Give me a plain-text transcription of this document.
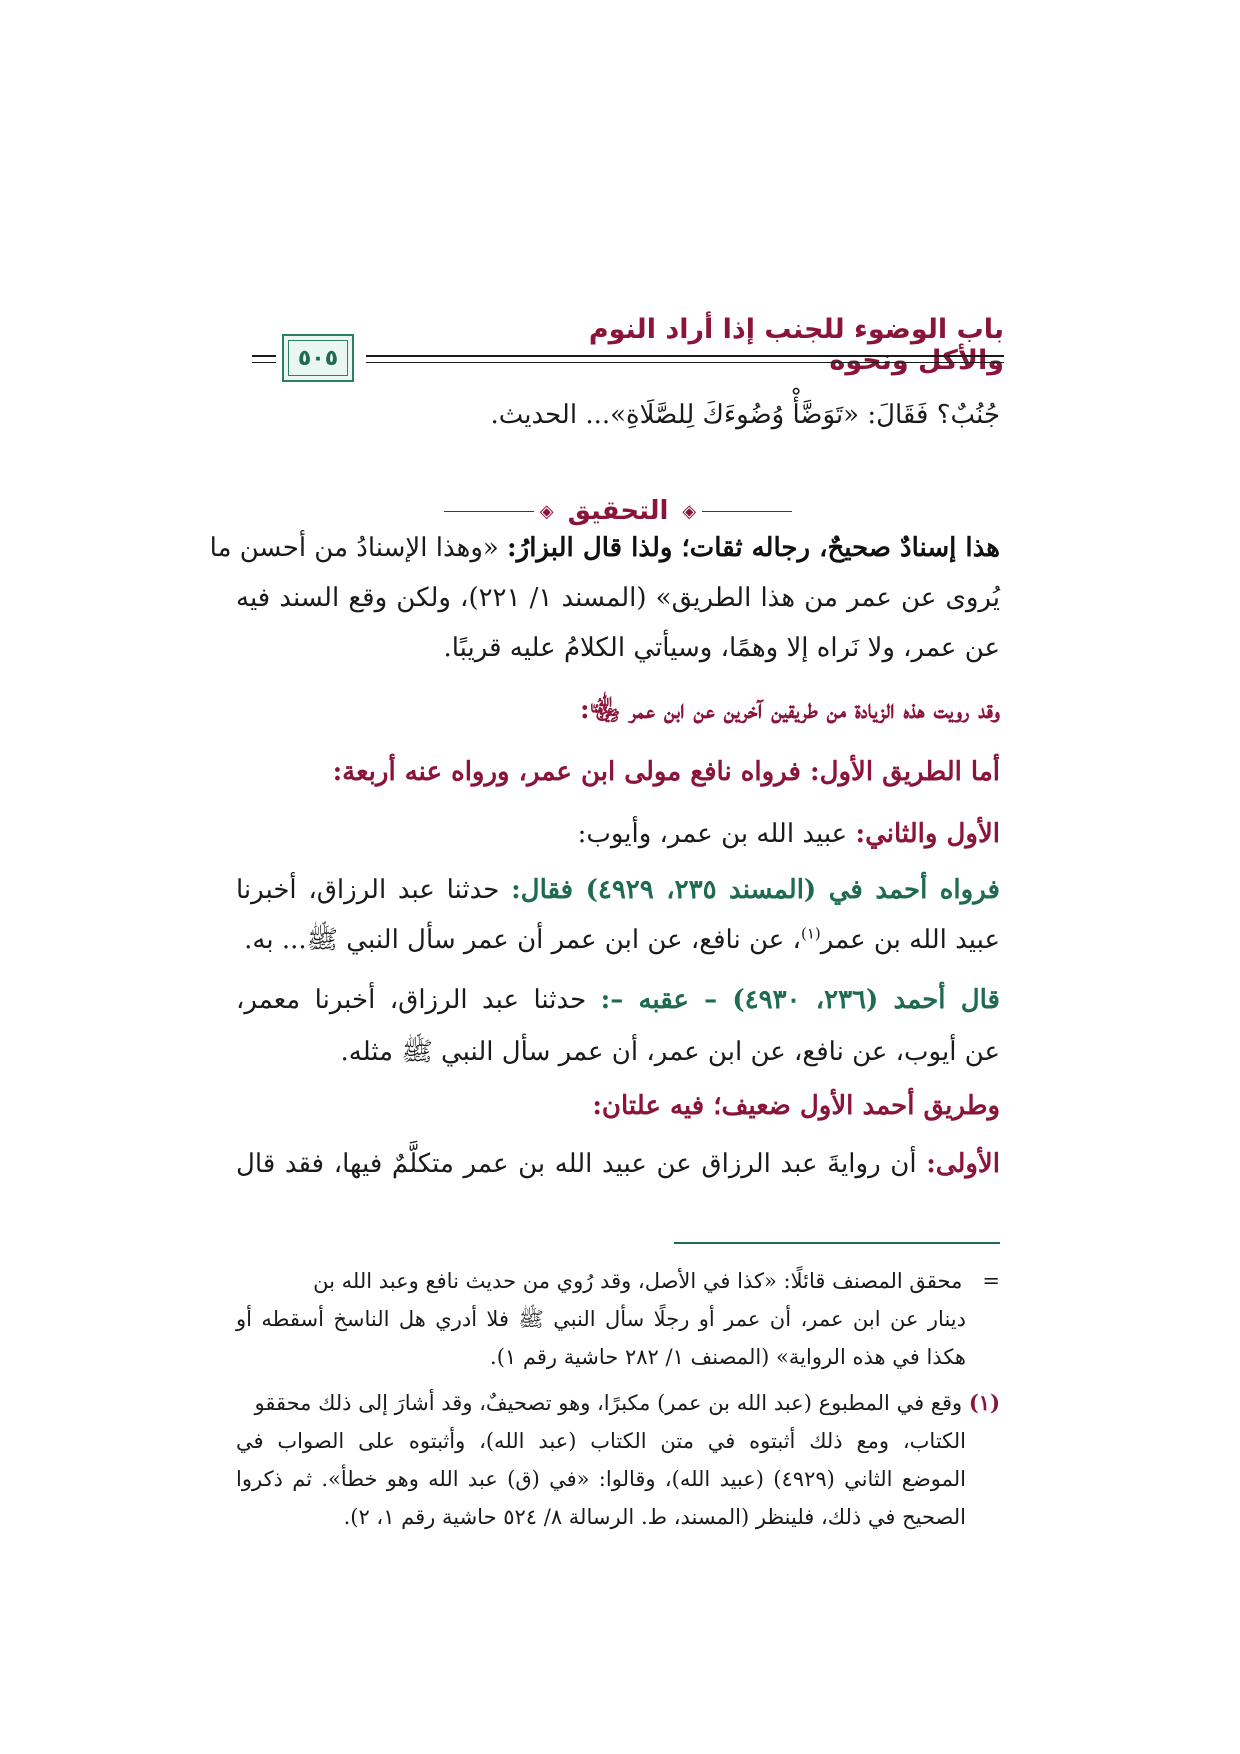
باب الوضوء للجنب إذا أراد النوم والأكل ونحوه
٥٠٥
جُنُبٌ؟ فَقَالَ: «تَوَضَّأْ وُضُوءَكَ لِلصَّلَاةِ»... الحديث.
◈
التحقيق
◈
هذا إسنادٌ صحيحٌ، رجاله ثقات؛ ولذا قال البزارُ: «وهذا الإسنادُ من أحسن ما
يُروى عن عمر من هذا الطريق» (المسند ١/ ٢٢١)، ولكن وقع السند فيه
عن عمر، ولا نَراه إلا وهمًا، وسيأتي الكلامُ عليه قريبًا.
وقد رويت هذه الزيادة من طريقين آخرين عن ابن عمر ﵄:
أما الطريق الأول: فرواه نافع مولى ابن عمر، ورواه عنه أربعة:
الأول والثاني: عبيد الله بن عمر، وأيوب:
فرواه أحمد في (المسند ٢٣٥، ٤٩٢٩) فقال: حدثنا عبد الرزاق، أخبرنا
عبيد الله بن عمر$^{(١)}$، عن نافع، عن ابن عمر أن عمر سأل النبي ﷺ... به.
قال أحمد (٢٣٦، ٤٩٣٠) – عقبه –: حدثنا عبد الرزاق، أخبرنا معمر،
عن أيوب، عن نافع، عن ابن عمر، أن عمر سأل النبي ﷺ مثله.
وطريق أحمد الأول ضعيف؛ فيه علتان:
الأولى: أن روايةَ عبد الرزاق عن عبيد الله بن عمر متكلَّمٌ فيها، فقد قال
=   محقق المصنف قائلًا: «كذا في الأصل، وقد رُوي من حديث نافع وعبد الله بن
دينار عن ابن عمر، أن عمر أو رجلًا سأل النبي ﷺ فلا أدري هل الناسخ أسقطه أو
هكذا في هذه الرواية» (المصنف ١/ ٢٨٢ حاشية رقم ١).
(١) وقع في المطبوع (عبد الله بن عمر) مكبرًا، وهو تصحيفٌ، وقد أشارَ إلى ذلك محققو
الكتاب، ومع ذلك أثبتوه في متن الكتاب (عبد الله)، وأثبتوه على الصواب في
الموضع الثاني (٤٩٢٩) (عبيد الله)، وقالوا: «في (ق) عبد الله وهو خطأ». ثم ذكروا
الصحيح في ذلك، فلينظر (المسند، ط. الرسالة ٨/ ٥٢٤ حاشية رقم ١، ٢).
